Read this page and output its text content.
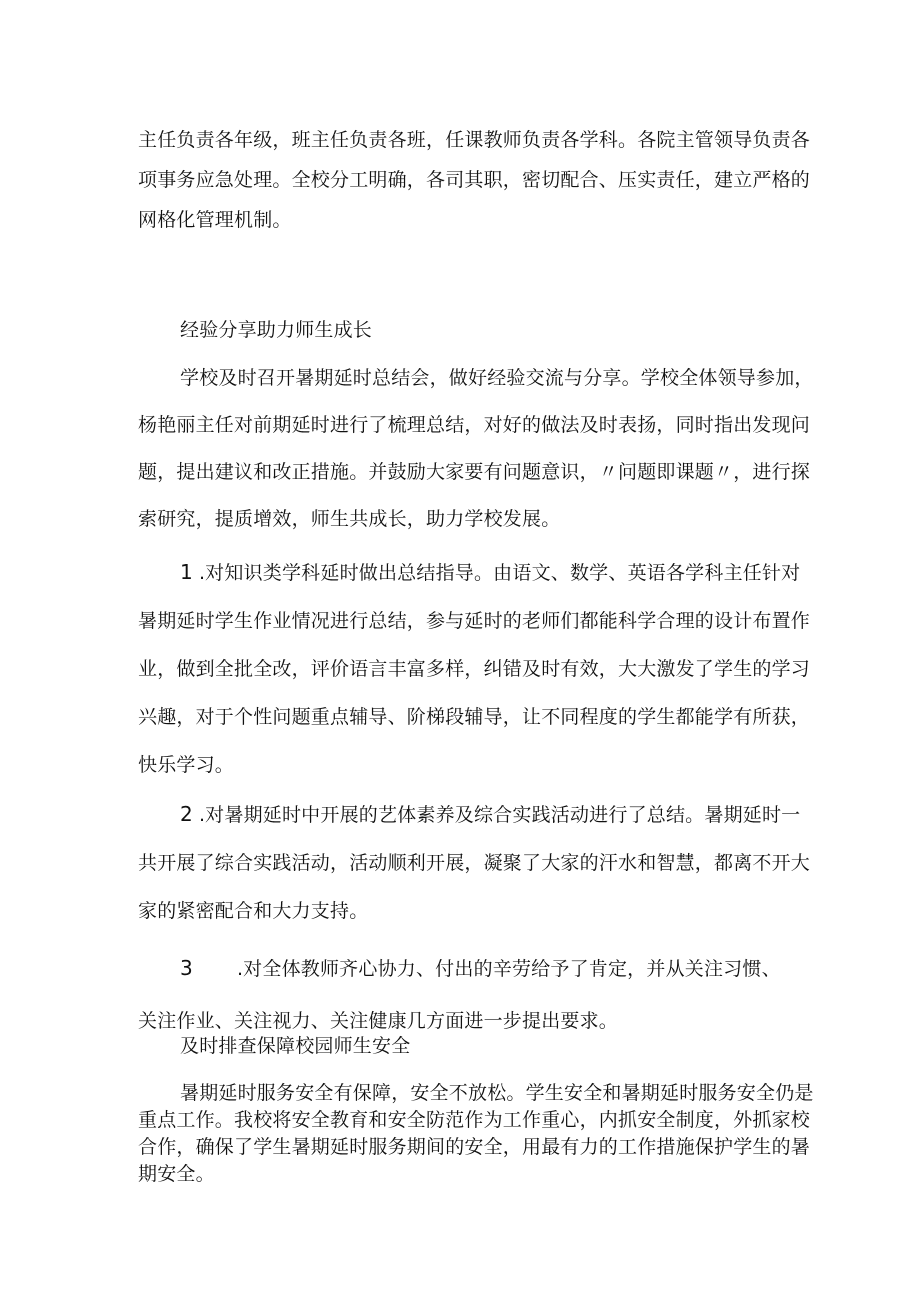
主任负责各年级，班主任负责各班，任课教师负责各学科。各院主管领导负责各
项事务应急处理。全校分工明确，各司其职，密切配合、压实责任，建立严格的
网格化管理机制。
经验分享助力师生成长
学校及时召开暑期延时总结会，做好经验交流与分享。学校全体领导参加，
杨艳丽主任对前期延时进行了梳理总结，对好的做法及时表扬，同时指出发现问
题，提出建议和改正措施。并鼓励大家要有问题意识，〃问题即课题〃，进行探
索研究，提质增效，师生共成长，助力学校发展。
1 .对知识类学科延时做出总结指导。由语文、数学、英语各学科主任针对
暑期延时学生作业情况进行总结，参与延时的老师们都能科学合理的设计布置作
业，做到全批全改，评价语言丰富多样，纠错及时有效，大大激发了学生的学习
兴趣，对于个性问题重点辅导、阶梯段辅导，让不同程度的学生都能学有所获，
快乐学习。
2 .对暑期延时中开展的艺体素养及综合实践活动进行了总结。暑期延时一
共开展了综合实践活动，活动顺利开展，凝聚了大家的汗水和智慧，都离不开大
家的紧密配合和大力支持。
3 .对全体教师齐心协力、付出的辛劳给予了肯定，并从关注习惯、
关注作业、关注视力、关注健康几方面进一步提出要求。
及时排查保障校园师生安全
暑期延时服务安全有保障，安全不放松。学生安全和暑期延时服务安全仍是
重点工作。我校将安全教育和安全防范作为工作重心，内抓安全制度，外抓家校
合作，确保了学生暑期延时服务期间的安全，用最有力的工作措施保护学生的暑
期安全。
